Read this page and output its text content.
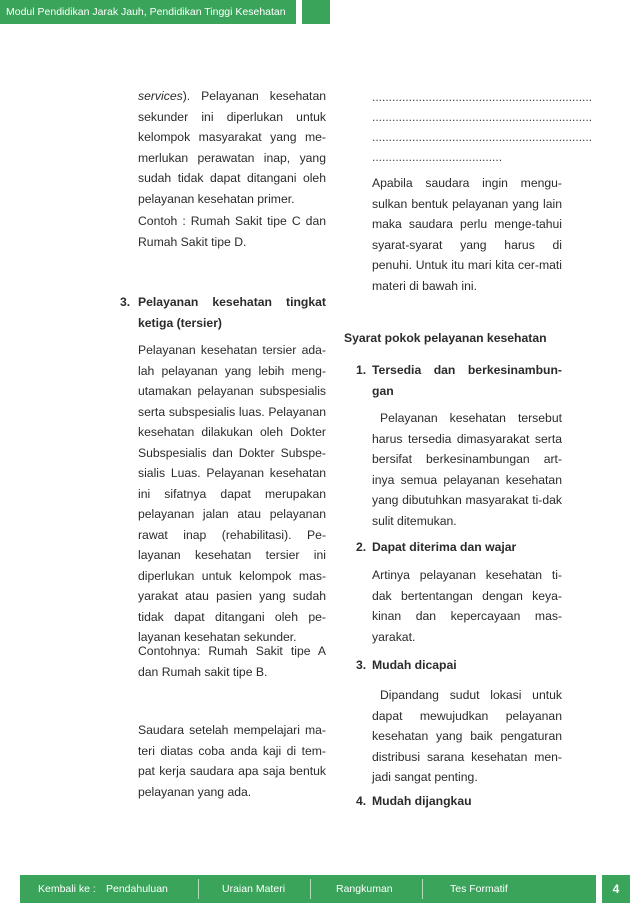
Modul Pendidikan Jarak Jauh, Pendidikan Tinggi Kesehatan

services). Pelayanan kesehatan sekunder ini diperlukan untuk kelompok masyarakat yang me-merlukan perawatan inap, yang sudah tidak dapat ditangani oleh pelayanan kesehatan primer.

Contoh : Rumah Sakit tipe C dan Rumah Sakit tipe D.

3. Pelayanan kesehatan tingkat ketiga (tersier)

Pelayanan kesehatan tersier ada-lah pelayanan yang lebih meng-utamakan pelayanan subspesialis serta subspesialis luas. Pelayanan kesehatan dilakukan oleh Dokter Subspesialis dan Dokter Subspe-sialis Luas. Pelayanan kesehatan ini sifatnya dapat merupakan pelayanan jalan atau pelayanan rawat inap (rehabilitasi). Pe-layanan kesehatan tersier ini diperlukan untuk kelompok mas-yarakat atau pasien yang sudah tidak dapat ditangani oleh pe-layanan kesehatan sekunder.

Contohnya: Rumah Sakit tipe A dan Rumah sakit tipe B.

Saudara setelah mempelajari ma-teri diatas coba anda kaji di tem-pat kerja saudara apa saja bentuk pelayanan yang ada.

..................................................................
..................................................................
..................................................................
.......................................

Apabila saudara ingin mengu-sulkan bentuk pelayanan yang lain maka saudara perlu menge-tahui syarat-syarat yang harus di penuhi. Untuk itu mari kita cer-mati materi di bawah ini.

Syarat pokok pelayanan kesehatan
1. Tersedia dan berkesinambun-gan

Pelayanan kesehatan tersebut harus tersedia dimasyarakat serta bersifat berkesinambungan art-inya semua pelayanan kesehatan yang dibutuhkan masyarakat ti-dak sulit ditemukan.

2. Dapat diterima dan wajar

Artinya pelayanan kesehatan ti-dak bertentangan dengan keya-kinan dan kepercayaan mas-yarakat.

3. Mudah dicapai

Dipandang sudut lokasi untuk dapat mewujudkan pelayanan kesehatan yang baik pengaturan distribusi sarana kesehatan men-jadi sangat penting.

4. Mudah dijangkau
Kembali ke : Pendahuluan	Uraian Materi	Rangkuman	Tes Formatif	4
